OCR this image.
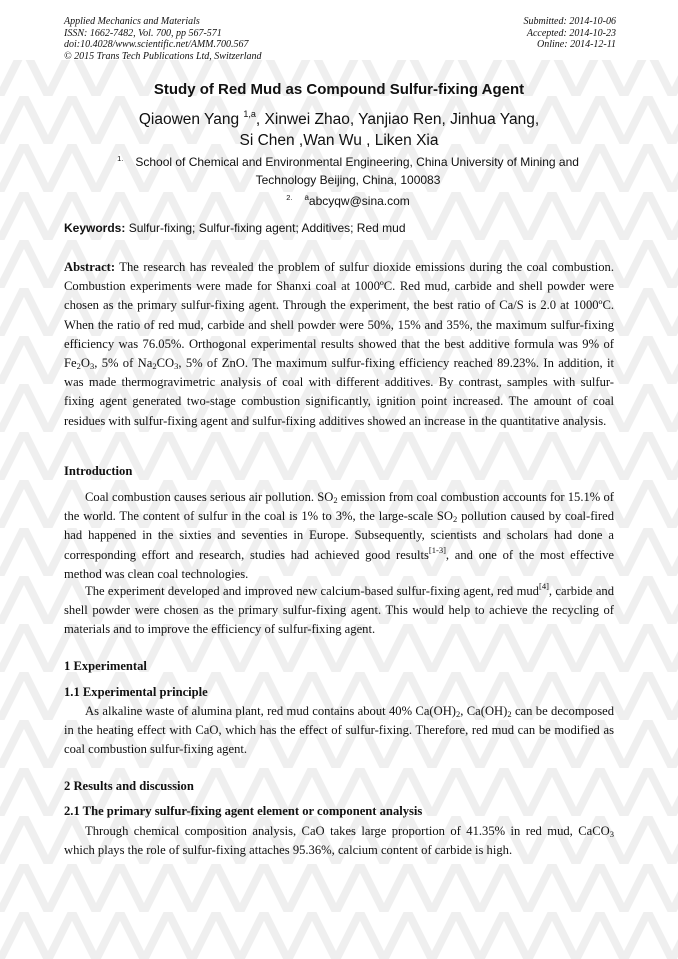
Applied Mechanics and Materials
ISSN: 1662-7482, Vol. 700, pp 567-571
doi:10.4028/www.scientific.net/AMM.700.567
© 2015 Trans Tech Publications Ltd, Switzerland
Submitted: 2014-10-06
Accepted: 2014-10-23
Online: 2014-12-11
Study of Red Mud as Compound Sulfur-fixing Agent
Qiaowen Yang $^{1,a}$, Xinwei Zhao, Yanjiao Ren, Jinhua Yang,
Si Chen ,Wan Wu , Liken Xia
$^{1.}$ School of Chemical and Environmental Engineering, China University of Mining and
Technology Beijing, China, 100083
$^{2.}$ $^a$abcyqw@sina.com
Keywords: Sulfur-fixing; Sulfur-fixing agent; Additives; Red mud
Abstract: The research has revealed the problem of sulfur dioxide emissions during the coal combustion. Combustion experiments were made for Shanxi coal at 1000ºC. Red mud, carbide and shell powder were chosen as the primary sulfur-fixing agent. Through the experiment, the best ratio of Ca/S is 2.0 at 1000ºC. When the ratio of red mud, carbide and shell powder were 50%, 15% and 35%, the maximum sulfur-fixing efficiency was 76.05%. Orthogonal experimental results showed that the best additive formula was 9% of $Fe_2O_3$, 5% of $Na_2CO_3$, 5% of ZnO. The maximum sulfur-fixing efficiency reached 89.23%. In addition, it was made thermogravimetric analysis of coal with different additives. By contrast, samples with sulfur-fixing agent generated two-stage combustion significantly, ignition point increased. The amount of coal residues with sulfur-fixing agent and sulfur-fixing additives showed an increase in the quantitative analysis.
Introduction
Coal combustion causes serious air pollution. $SO_2$ emission from coal combustion accounts for 15.1% of the world. The content of sulfur in the coal is 1% to 3%, the large-scale $SO_2$ pollution caused by coal-fired had happened in the sixties and seventies in Europe. Subsequently, scientists and scholars had done a corresponding effort and research, studies had achieved good results[1-3], and one of the most effective method was clean coal technologies.
The experiment developed and improved new calcium-based sulfur-fixing agent, red mud[4], carbide and shell powder were chosen as the primary sulfur-fixing agent. This would help to achieve the recycling of materials and to improve the efficiency of sulfur-fixing agent.
1 Experimental
1.1 Experimental principle
As alkaline waste of alumina plant, red mud contains about 40% $Ca(OH)_2$, $Ca(OH)_2$ can be decomposed in the heating effect with CaO, which has the effect of sulfur-fixing. Therefore, red mud can be modified as coal combustion sulfur-fixing agent.
2 Results and discussion
2.1 The primary sulfur-fixing agent element or component analysis
Through chemical composition analysis, CaO takes large proportion of 41.35% in red mud, CaCO$_3$ which plays the role of sulfur-fixing attaches 95.36%, calcium content of carbide is high.
